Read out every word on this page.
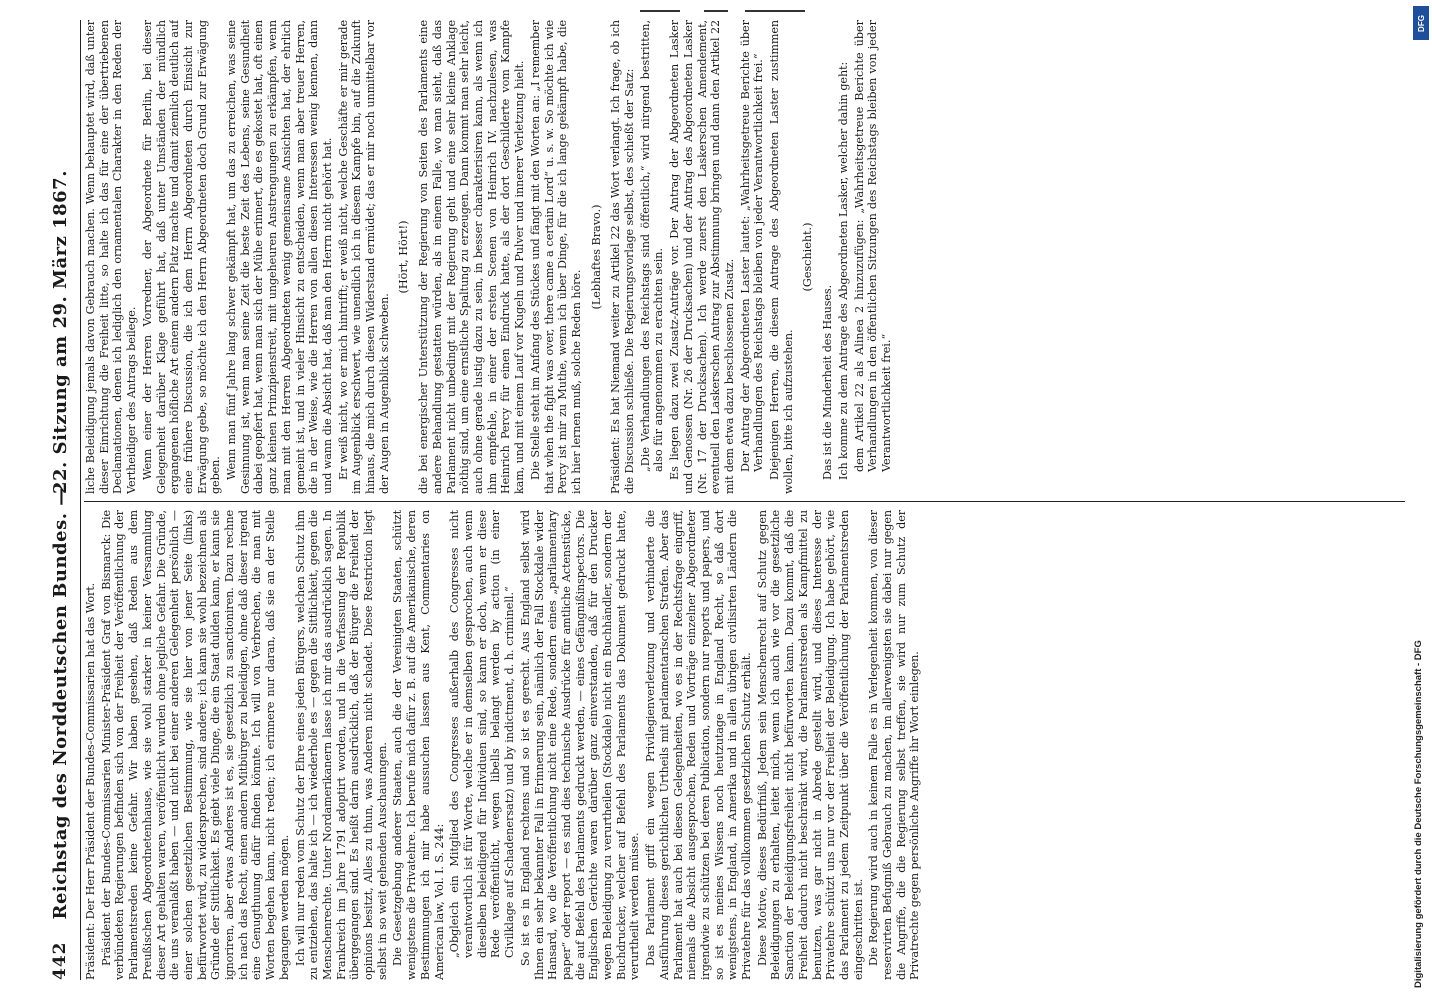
442
Reichstag des Norddeutschen Bundes. —
22. Sitzung am 29. März 1867.

Präsident: Der Herr Präsident der Bundes-Commissarien hat das Wort. Präsident der Bundes-Commissarien Minister-Präsident Graf von Bismarck: Die verbündeten Regierungen befinden sich von der Freiheit der Veröffentlichung der Parlamentsreden keine Gefahr. Wir haben gesehen, daß Reden aus dem Preußischen Abgeordnetenhause, wie sie wohl starker in keiner Versammlung dieser Art gehalten waren, veröffentlicht wurden ohne jegliche Gefahr. Die Gründe, die uns veranlaßt haben — und nicht bei einer anderen Gelegenheit persönlich — einer solchen gesetzlichen Bestimmung, wie sie hier von jener Seite (links) befürwortet wird, zu widersprechen, sind andere; ich kann sie wohl bezeichnen als Gründe der Sittlichkeit. Es giebt viele Dinge, die ein Staat dulden kann, er kann sie ignoriren, aber etwas Anderes ist es, sie gesetzlich zu sanctioniren. Dazu rechne ich nach das Recht, einen andern Mitbürger zu beleidigen, ohne daß dieser irgend eine Genugthuung dafür finden könnte. Ich will von Verbrechen, die man mit Worten begehen kann, nicht reden; ich erinnere nur daran, daß sie an der Stelle begangen werden mögen. Ich will nur reden vom Schutz der Ehre eines jeden Bürgers, welchen Schutz ihm zu entziehen, das halte ich — ich wiederhole es — gegen die Sittlichkeit, gegen die Menschenrechte. Unter Nordamerikanern lasse ich mir das ausdrücklich sagen. In Frankreich im Jahre 1791 adoptirt worden, und in die Verfassung der Republik übergegangen sind. Es heißt darin ausdrücklich, daß der Bürger die Freiheit der opinions besitzt, Alles zu thun, was Anderen nicht schadet. Diese Restriction liegt selbst in so weit gehenden Auschauungen. Die Gesetzgebung anderer Staaten, auch die der Vereinigten Staaten, schützt wenigstens die Privatehre. Ich berufe mich dafür z. B. auf die Amerikanische, deren Bestimmungen ich mir habe aussuchen lassen aus Kent, Commentaries on American law, Vol. I. S. 244: „Obgleich ein Mitglied des Congresses außerhalb des Congresses nicht verantwortlich ist für Worte, welche er in demselben gesprochen, auch wenn dieselben beleidigend für Individuen sind, so kann er doch, wenn er diese Rede veröffentlicht, wegen libells belangt werden by action (in einer Civilklage auf Schadenersatz) und by indictment, d. h. criminell.“ So ist es in England rechtens und so ist es gerecht. Aus England selbst wird Ihnen ein sehr bekannter Fall in Erinnerung sein, nämlich der Fall Stockdale wider Hansard, wo die Veröffentlichung nicht eine Rede, sondern eines „parliamentary paper“ oder report — es sind dies technische Ausdrücke für amtliche Actenstücke, die auf Befehl des Parlaments gedruckt werden, — eines Gefängnißinspectors. Die Englischen Gerichte waren darüber ganz einverstanden, daß für den Drucker wegen Beleidigung zu verurtheilen (Stockdale) nicht ein Buchhändler, sondern der Buchdrucker, welcher auf Befehl des Parlaments das Dokument gedruckt hatte, verurtheilt werden müsse. Das Parlament griff ein wegen Privilegienverletzung und verhinderte die Ausführung dieses gerichtlichen Urtheils mit parlamentarischen Strafen. Aber das Parlament hat auch bei diesen Gelegenheiten, wo es in der Rechtsfrage eingriff, niemals die Absicht ausgesprochen, Reden und Vorträge einzelner Abgeordneter irgendwie zu schützen bei deren Publication, sondern nur reports und papers, und so ist es meines Wissens noch heutzutage in England Recht, so daß dort wenigstens, in England, in Amerika und in allen übrigen civilisirten Ländern die Privatehre für das vollkommen gesetzlichen Schutz erhält. Diese Motive, dieses Bedürfniß, Jedem sein Menschenrecht auf Schutz gegen Beleidigungen zu erhalten, leitet mich, wenn ich auch wie vor die gesetzliche Sanction der Beleidigungsfreiheit nicht befürworten kann. Dazu kommt, daß die Freiheit dadurch nicht beschränkt wird, die Parlamentsreden als Kampfmittel zu benutzen, was gar nicht in Abrede gestellt wird, und dieses Interesse der Privatehre schützt uns nur vor der Freiheit der Beleidigung. Ich habe gehört, wie das Parlament zu jedem Zeitpunkt über die Veröffentlichung der Parlamentsreden eingeschritten ist. Die Regierung wird auch in keinem Falle es in Verlegenheit kommen, von dieser reservirten Befugniß Gebrauch zu machen, im allerwenigsten sie dabei nur gegen die Angriffe, die die Regierung selbst treffen, sie wird nur zum Schutz der Privatrechte gegen persönliche Angriffe ihr Wort einlegen.

liche Beleidigung jemals davon Gebrauch machen. Wenn behauptet wird, daß unter dieser Einrichtung die Freiheit litte, so halte ich das für eine der übertriebenen Declamationen, denen ich lediglich den ornamentalen Charakter in den Reden der Vertheidiger des Antrags beilege. Wenn einer der Herren Vorredner, der Abgeordnete für Berlin, bei dieser Gelegenheit darüber Klage geführt hat, daß unter Umständen der mündlich ergangenen höfliche Art einem andern Platz machte und damit ziemlich deutlich auf eine frühere Discussion, die ich dem Herrn Abgeordneten durch Einsicht zur Erwägung gebe, so möchte ich den Herrn Abgeordneten doch Grund zur Erwägung geben. Wenn man fünf Jahre lang schwer gekämpft hat, um das zu erreichen, was seine Gesinnung ist, wenn man seine Zeit die beste Zeit des Lebens, seine Gesundheit dabei geopfert hat, wenn man sich der Mühe erinnert, die es gekostet hat, oft einen ganz kleinen Prinzipienstreit, mit ungeheuren Anstrengungen zu erkämpfen, wenn man mit den Herren Abgeordneten wenig gemeinsame Ansichten hat, der ehrlich gemeint ist, und in vieler Hinsicht zu entscheiden, wenn man aber treuer Herren, die in der Weise, wie die Herren von allen diesen Interessen wenig kennen, dann und wann die Absicht hat, daß man den Herrn nicht gehört hat. Er weiß nicht, wo er mich hintrifft; er weiß nicht, welche Geschäfte er mir gerade im Augenblick erschwert, wie unendlich ich in diesem Kampfe bin, auf die Zukunft hinaus, die mich durch diesen Widerstand ermüdet; das er mir noch unmittelbar vor der Augen in Augenblick schweben.

(Hört, Hört!) die bei energischer Unterstützung der Regierung von Seiten des Parlaments eine andere Behandlung gestatten würden, als in einem Falle, wo man sieht, daß das Parlament nicht unbedingt mit der Regierung geht und eine sehr kleine Anklage nöthig sind, um eine ernstliche Spaltung zu erzeugen. Dann kommt man sehr leicht, auch ohne gerade lustig dazu zu sein, in besser charakterisiren kann, als wenn ich ihm empfehle, in einer der ersten Scenen von Heinrich IV. nachzulesen, was Heinrich Percy für einen Eindruck hatte, als der dort Geschilderte vom Kampfe kam, und mit einem Lauf vor Kugeln und Pulver und innerer Verletzung hielt. Die Stelle steht im Anfang des Stückes und fängt mit den Worten an: „I remember that when the fight was over, there came a certain Lord“ u. s. w. So möchte ich wie Percy ist mir zu Muthe, wenn ich über Dinge, für die ich lange gekämpft habe, die ich hier lernen muß, solche Reden höre.

(Lebhaftes Bravo.) Präsident: Es hat Niemand weiter zu Artikel 22 das Wort verlangt. Ich frage, ob ich die Discussion schließe. Die Regierungsvorlage selbst, des schießt der Satz: „Die Verhandlungen des Reichstags sind öffentlich,“ wird nirgend bestritten, also für angenommen zu erachten sein. Es liegen dazu zwei Zusatz-Anträge vor. Der Antrag der Abgeordneten Lasker und Genossen (Nr. 26 der Drucksachen) und der Antrag des Abgeordneten Lasker (Nr. 17 der Drucksachen). Ich werde zuerst den Laskerschen Amendement, eventuell den Laskerschen Antrag zur Abstimmung bringen und dann den Artikel 22 mit dem etwa dazu beschlossenen Zusatz. Der Antrag der Abgeordneten Laster lautet: „Wahrheitsgetreue Berichte über Verhandlungen des Reichstags bleiben von jeder Verantwortlichkeit frei.“ Diejenigen Herren, die diesem Antrage des Abgeordneten Laster zustimmen wollen, bitte ich aufzustehen.

(Geschieht.)

Das ist die Minderheit des Hauses. Ich komme zu dem Antrage des Abgeordneten Lasker, welcher dahin geht: dem Artikel 22 als Alinea 2 hinzuzufügen: „Wahrheitsgetreue Berichte über Verhandlungen in den öffentlichen Sitzungen des Reichstags bleiben von jeder Verantwortlichkeit frei.“

DFG
Digitalisierung gefördert durch die Deutsche Forschungsgemeinschaft - DFG
